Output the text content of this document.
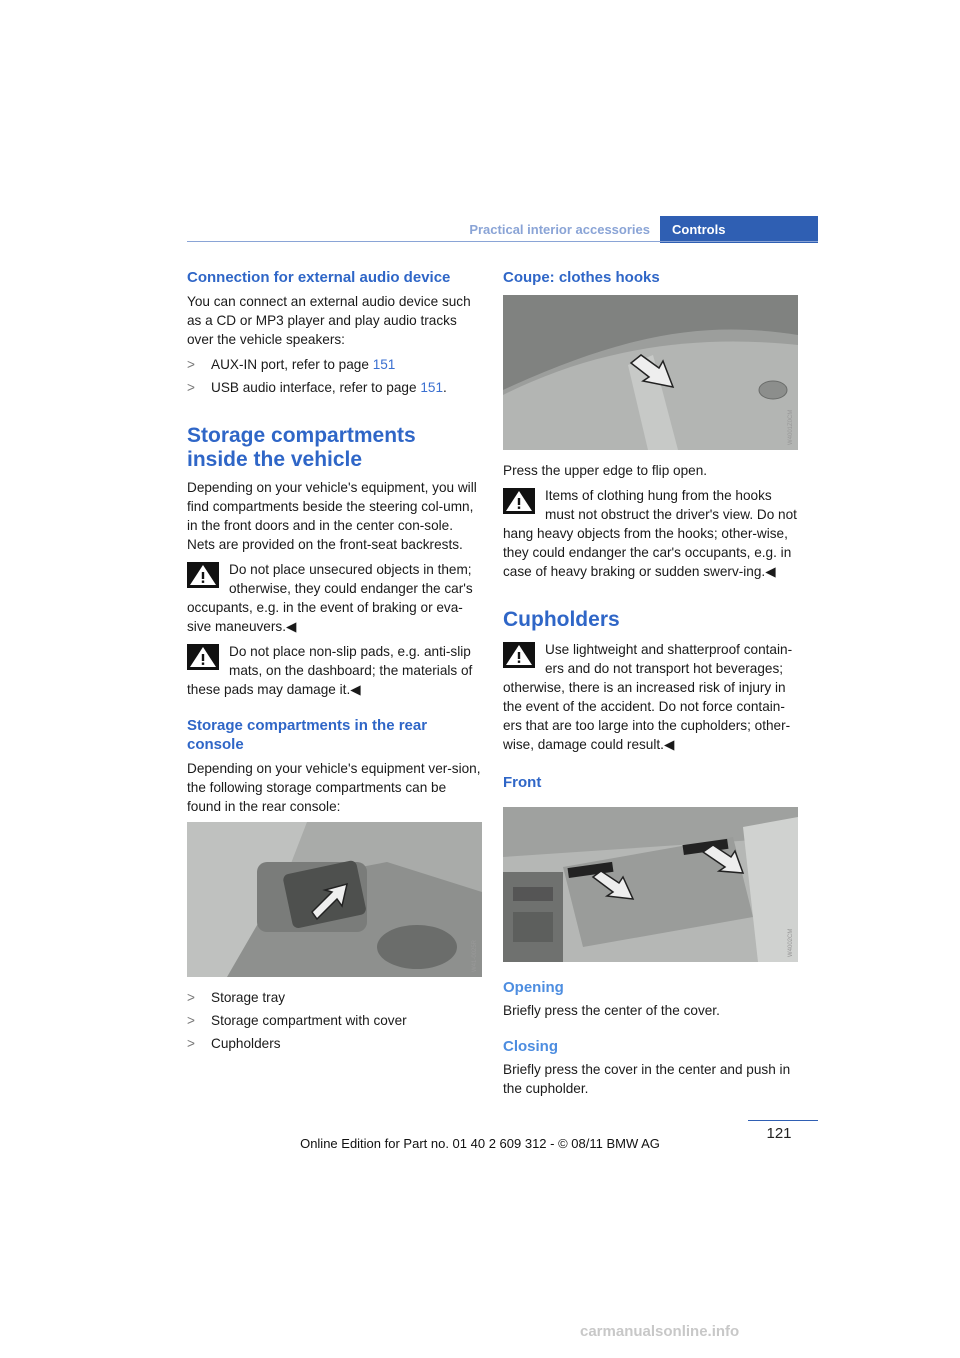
Practical interior accessories	Controls
Connection for external audio device

You can connect an external audio device such as a CD or MP3 player and play audio tracks over the vehicle speakers:

> AUX-IN port, refer to page 151
> USB audio interface, refer to page 151.
Storage compartments inside the vehicle

Depending on your vehicle's equipment, you will find compartments beside the steering col-umn, in the front doors and in the center con-sole.

Nets are provided on the front-seat backrests.

Do not place unsecured objects in them; otherwise, they could endanger the car's occupants, e.g. in the event of braking or eva-sive maneuvers.◀

Do not place non-slip pads, e.g. anti-slip mats, on the dashboard; the materials of these pads may damage it.◀

Storage compartments in the rear console

Depending on your vehicle's equipment ver-sion, the following storage compartments can be found in the rear console:

W41-0025R
> Storage tray
> Storage compartment with cover
> Cupholders
Coupe: clothes hooks
W4001Z0CM

Press the upper edge to flip open.

Items of clothing hung from the hooks must not obstruct the driver's view. Do not hang heavy objects from the hooks; other-wise, they could endanger the car's occupants, e.g. in case of heavy braking or sudden swerv-ing.◀

Cupholders

Use lightweight and shatterproof contain-ers and do not transport hot beverages; otherwise, there is an increased risk of injury in the event of the accident. Do not force contain-ers that are too large into the cupholders; other-wise, damage could result.◀

Front
W4002CM
Opening

Briefly press the center of the cover.

Closing

Briefly press the cover in the center and push in the cupholder.

121
Online Edition for Part no. 01 40 2 609 312 - © 08/11 BMW AG
carmanualsonline.info
